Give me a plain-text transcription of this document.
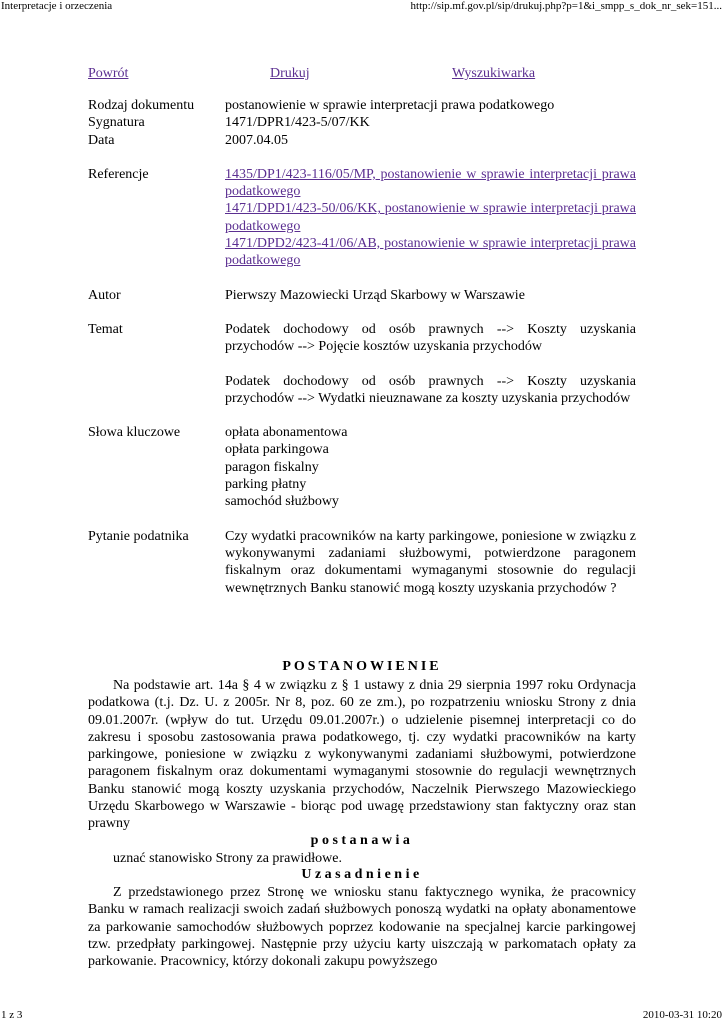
Interpretacje i orzeczenia	http://sip.mf.gov.pl/sip/drukuj.php?p=1&i_smpp_s_dok_nr_sek=151...
Powrót	Drukuj	Wyszukiwarka
Rodzaj dokumentu	postanowienie w sprawie interpretacji prawa podatkowego
Sygnatura	1471/DPR1/423-5/07/KK
Data	2007.04.05
Referencje	1435/DP1/423-116/05/MP, postanowienie w sprawie interpretacji prawa podatkowego
1471/DPD1/423-50/06/KK, postanowienie w sprawie interpretacji prawa podatkowego
1471/DPD2/423-41/06/AB, postanowienie w sprawie interpretacji prawa podatkowego
Autor	Pierwszy Mazowiecki Urząd Skarbowy w Warszawie
Temat	Podatek dochodowy od osób prawnych --> Koszty uzyskania przychodów --> Pojęcie kosztów uzyskania przychodów
Podatek dochodowy od osób prawnych --> Koszty uzyskania przychodów --> Wydatki nieuznawane za koszty uzyskania przychodów
Słowa kluczowe	opłata abonamentowa
opłata parkingowa
paragon fiskalny
parking płatny
samochód służbowy
Pytanie podatnika	Czy wydatki pracowników na karty parkingowe, poniesione w związku z wykonywanymi zadaniami służbowymi, potwierdzone paragonem fiskalnym oraz dokumentami wymaganymi stosownie do regulacji wewnętrznych Banku stanowić mogą koszty uzyskania przychodów ?
POSTANOWIENIE

Na podstawie art. 14a § 4 w związku z § 1 ustawy z dnia 29 sierpnia 1997 roku Ordynacja podatkowa (t.j. Dz. U. z 2005r. Nr 8, poz. 60 ze zm.), po rozpatrzeniu wniosku Strony z dnia 09.01.2007r. (wpływ do tut. Urzędu 09.01.2007r.) o udzielenie pisemnej interpretacji co do zakresu i sposobu zastosowania prawa podatkowego, tj. czy wydatki pracowników na karty parkingowe, poniesione w związku z wykonywanymi zadaniami służbowymi, potwierdzone paragonem fiskalnym oraz dokumentami wymaganymi stosownie do regulacji wewnętrznych Banku stanowić mogą koszty uzyskania przychodów, Naczelnik Pierwszego Mazowieckiego Urzędu Skarbowego w Warszawie - biorąc pod uwagę przedstawiony stan faktyczny oraz stan prawny

postanawia
uznać stanowisko Strony za prawidłowe.
Uzasadnienie

Z przedstawionego przez Stronę we wniosku stanu faktycznego wynika, że pracownicy Banku w ramach realizacji swoich zadań służbowych ponoszą wydatki na opłaty abonamentowe za parkowanie samochodów służbowych poprzez kodowanie na specjalnej karcie parkingowej tzw. przedpłaty parkingowej. Następnie przy użyciu karty uiszczają w parkomatach opłaty za parkowanie. Pracownicy, którzy dokonali zakupu powyższego

1 z 3	2010-03-31 10:20
